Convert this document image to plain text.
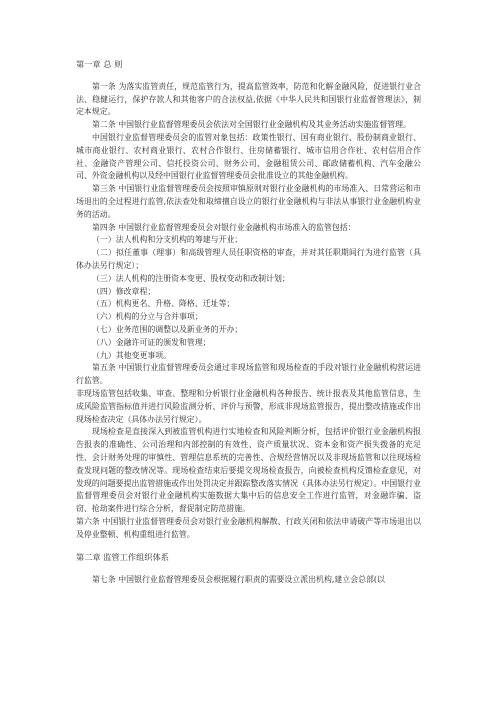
第一章 总 则

第一条 为落实监管责任，规范监管行为，提高监管效率，防范和化解金融风险，促进银行业合法、稳健运行，保护存款人和其他客户的合法权益,依据《中华人民共和国银行业监督管理法》，制定本规定。

第二条 中国银行业监督管理委员会依法对全国银行业金融机构及其业务活动实施监督管理。

中国银行业监督管理委员会的监管对象包括：政策性银行、国有商业银行、股份制商业银行、城市商业银行、农村商业银行、农村合作银行、住房储蓄银行、城市信用合作社、农村信用合作社、金融资产管理公司、信托投资公司、财务公司、金融租赁公司、邮政储蓄机构、汽车金融公司、外资金融机构以及经中国银行业监督管理委员会批准设立的其他金融机构。

第三条 中国银行业监督管理委员会按照审慎原则对银行业金融机构的市场准入、日常营运和市场退出的全过程进行监管,依法查处和取缔擅自设立的银行业金融机构与非法从事银行业金融机构业务的活动。

第四条 中国银行业监督管理委员会对银行业金融机构市场准入的监管包括：

（一）法人机构和分支机构的筹建与开业；

（二）拟任董事（理事）和高级管理人员任职资格的审查，并对其任职期间行为进行监管（具体办法另行规定）；

（三）法人机构的注册资本变更、股权变动和改制计划；

（四）修改章程；

（五）机构更名、升格、降格、迁址等；

（六）机构的分立与合并事项；

（七）业务范围的调整以及新业务的开办；

（八）金融许可证的颁发和管理；

（九）其他变更事项。

第五条 中国银行业监督管理委员会通过非现场监管和现场检查的手段对银行业金融机构营运进行监管。

非现场监管包括收集、审查、整理和分析银行业金融机构各种报告、统计报表及其他监管信息，生成风险监管指标值并进行风险监测分析、评价与预警，形成非现场监管报告，提出整改措施或作出现场检查决定（具体办法另行规定）。

现场检查是直接深入到被监管机构进行实地检查和风险判断分析，包括评价银行业金融机构报告报表的准确性、公司治理和内部控制的有效性、资产质量状况、资本金和资产损失拨备的充足性、会计财务处理的审慎性、管理信息系统的完善性、合规经营情况以及非现场监管和以往现场检查发现问题的整改情况等。现场检查结束后要提交现场检查报告，向被检查机构反馈检查意见，对发现的问题要提出监管措施或作出处罚决定并跟踪整改落实情况（具体办法另行规定）。中国银行业监督管理委员会对银行业金融机构实施数据大集中后的信息安全工作进行监管，对金融诈骗、盗窃、抢劫案件进行综合分析，督促制定防范措施。

第六条 中国银行业监督管理委员会对银行业金融机构解散、行政关闭和依法申请破产等市场退出以及停业整顿、机构重组进行监管。

第二章 监管工作组织体系

第七条 中国银行业监督管理委员会根据履行职责的需要设立派出机构,建立会总部(以
